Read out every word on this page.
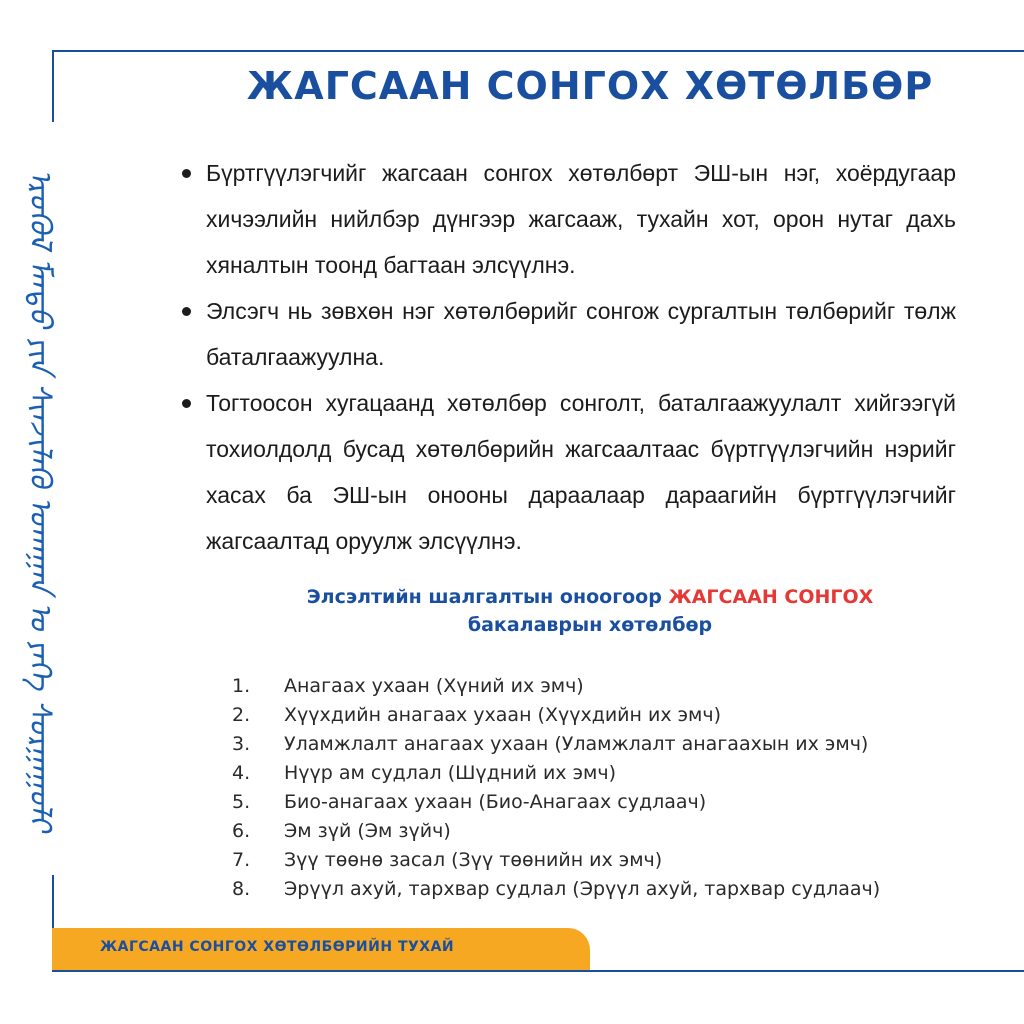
ᠡᠷᠦᠭᠦᠯ ᠮᠡᠨᠳᠦ ᠶᠢᠨ ᠰᠢᠨᠵᠢᠯᠡᠬᠦ ᠤᠬᠠᠭᠠᠨ ᠤ ᠶᠡᠬᠡ ᠰᠤᠷᠭᠠᠭᠤᠯᠢ
ЖАГСААН СОНГОХ ХӨТӨЛБӨР
Бүртгүүлэгчийг жагсаан сонгох хөтөлбөрт ЭШ-ын нэг, хоёрдугаар хичээлийн нийлбэр дүнгээр жагсааж, тухайн хот, орон нутаг дахь хяналтын тоонд багтаан элсүүлнэ.
Элсэгч нь зөвхөн нэг хөтөлбөрийг сонгож сургалтын төлбөрийг төлж баталгаажуулна.
Тогтоосон хугацаанд хөтөлбөр сонголт, баталгаажуулалт хийгээгүй тохиолдолд бусад хөтөлбөрийн жагсаалтаас бүртгүүлэгчийн нэрийг хасах ба ЭШ-ын онооны дараалаар дараагийн бүртгүүлэгчийг жагсаалтад оруулж элсүүлнэ.
Элсэлтийн шалгалтын оноогоор ЖАГСААН СОНГОХ
бакалаврын хөтөлбөр
1.	Анагаах ухаан (Хүний их эмч)
2.	Хүүхдийн анагаах ухаан (Хүүхдийн их эмч)
3.	Уламжлалт анагаах ухаан (Уламжлалт анагаахын их эмч)
4.	Нүүр ам судлал (Шүдний их эмч)
5.	Био-анагаах ухаан (Био-Анагаах судлаач)
6.	Эм зүй (Эм зүйч)
7.	Зүү төөнө засал (Зүү төөнийн их эмч)
8.	Эрүүл ахуй, тархвар судлал (Эрүүл ахуй, тархвар судлаач)
ЖАГСААН СОНГОХ ХӨТӨЛБӨРИЙН ТУХАЙ
